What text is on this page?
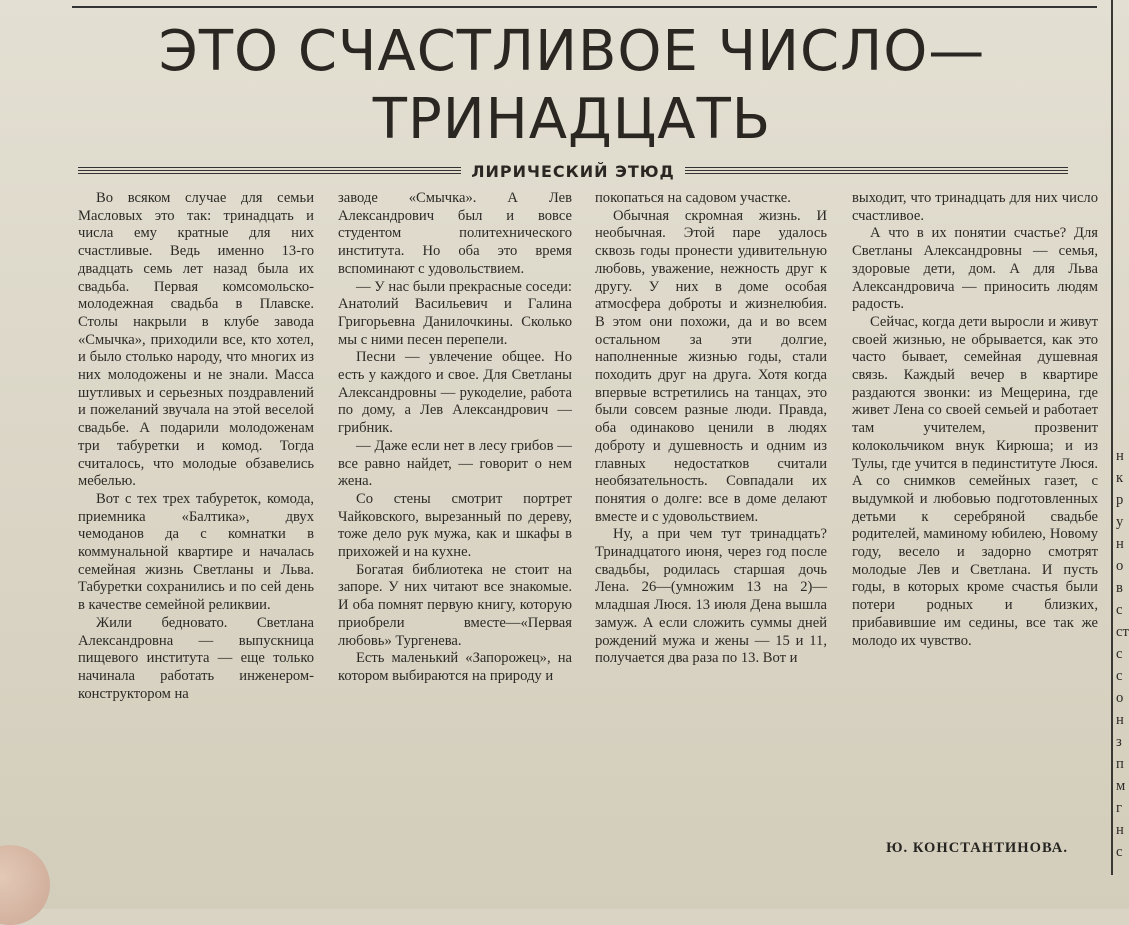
ЭТО СЧАСТЛИВОЕ ЧИСЛО—
ТРИНАДЦАТЬ
ЛИРИЧЕСКИЙ ЭТЮД

Во всяком случае для семьи Масловых это так: тринадцать и числа ему кратные для них счастливые. Ведь именно 13-го двадцать семь лет назад была их свадьба. Первая комсомольско-молодежная свадьба в Плавске. Столы накрыли в клубе завода «Смычка», приходили все, кто хотел, и было столько народу, что многих из них молодожены и не знали. Масса шутливых и серьезных поздравлений и пожеланий звучала на этой веселой свадьбе. А подарили молодоженам три табуретки и комод. Тогда считалось, что молодые обзавелись мебелью.

Вот с тех трех табуреток, комода, приемника «Балтика», двух чемоданов да с комнатки в коммунальной квартире и началась семейная жизнь Светланы и Льва. Табуретки сохранились и по сей день в качестве семейной реликвии.

Жили бедновато. Светлана Александровна — выпускница пищевого института — еще только начинала работать инженером-конструктором на

заводе «Смычка». А Лев Александрович был и вовсе студентом политехнического института. Но оба это время вспоминают с удовольствием.

— У нас были прекрасные соседи: Анатолий Васильевич и Галина Григорьевна Данилочкины. Сколько мы с ними песен перепели.

Песни — увлечение общее. Но есть у каждого и свое. Для Светланы Александровны — рукоделие, работа по дому, а Лев Александрович — грибник.

— Даже если нет в лесу грибов — все равно найдет, — говорит о нем жена.

Со стены смотрит портрет Чайковского, вырезанный по дереву, тоже дело рук мужа, как и шкафы в прихожей и на кухне.

Богатая библиотека не стоит на запоре. У них читают все знакомые. И оба помнят первую книгу, которую приобрели вместе—«Первая любовь» Тургенева.

Есть маленький «Запорожец», на котором выбираются на природу и

покопаться на садовом участке.

Обычная скромная жизнь. И необычная. Этой паре удалось сквозь годы пронести удивительную любовь, уважение, нежность друг к другу. У них в доме особая атмосфера доброты и жизнелюбия. В этом они похожи, да и во всем остальном за эти долгие, наполненные жизнью годы, стали походить друг на друга. Хотя когда впервые встретились на танцах, это были совсем разные люди. Правда, оба одинаково ценили в людях доброту и душевность и одним из главных недостатков считали необязательность. Совпадали их понятия о долге: все в доме делают вместе и с удовольствием.

Ну, а при чем тут тринадцать? Тринадцатого июня, через год после свадьбы, родилась старшая дочь Лена. 26—(умножим 13 на 2)— младшая Люся. 13 июля Дена вышла замуж. А если сложить суммы дней рождений мужа и жены — 15 и 11, получается два раза по 13. Вот и

выходит, что тринадцать для них число счастливое.

А что в их понятии счастье? Для Светланы Александровны — семья, здоровые дети, дом. А для Льва Александровича — приносить людям радость.

Сейчас, когда дети выросли и живут своей жизнью, не обрывается, как это часто бывает, семейная душевная связь. Каждый вечер в квартире раздаются звонки: из Мещерина, где живет Лена со своей семьей и работает там учителем, прозвенит колокольчиком внук Кирюша; и из Тулы, где учится в пединституте Люся. А со снимков семейных газет, с выдумкой и любовью подготовленных детьми к серебряной свадьбе родителей, маминому юбилею, Новому году, весело и задорно смотрят молодые Лев и Светлана. И пусть годы, в которых кроме счастья были потери родных и близких, прибавившие им седины, все так же молодо их чувство.

Ю. КОНСТАНТИНОВА.

н
к
р
у
н
о
в
с
ст
с
с
о
н
з
п
м
г
н
с
